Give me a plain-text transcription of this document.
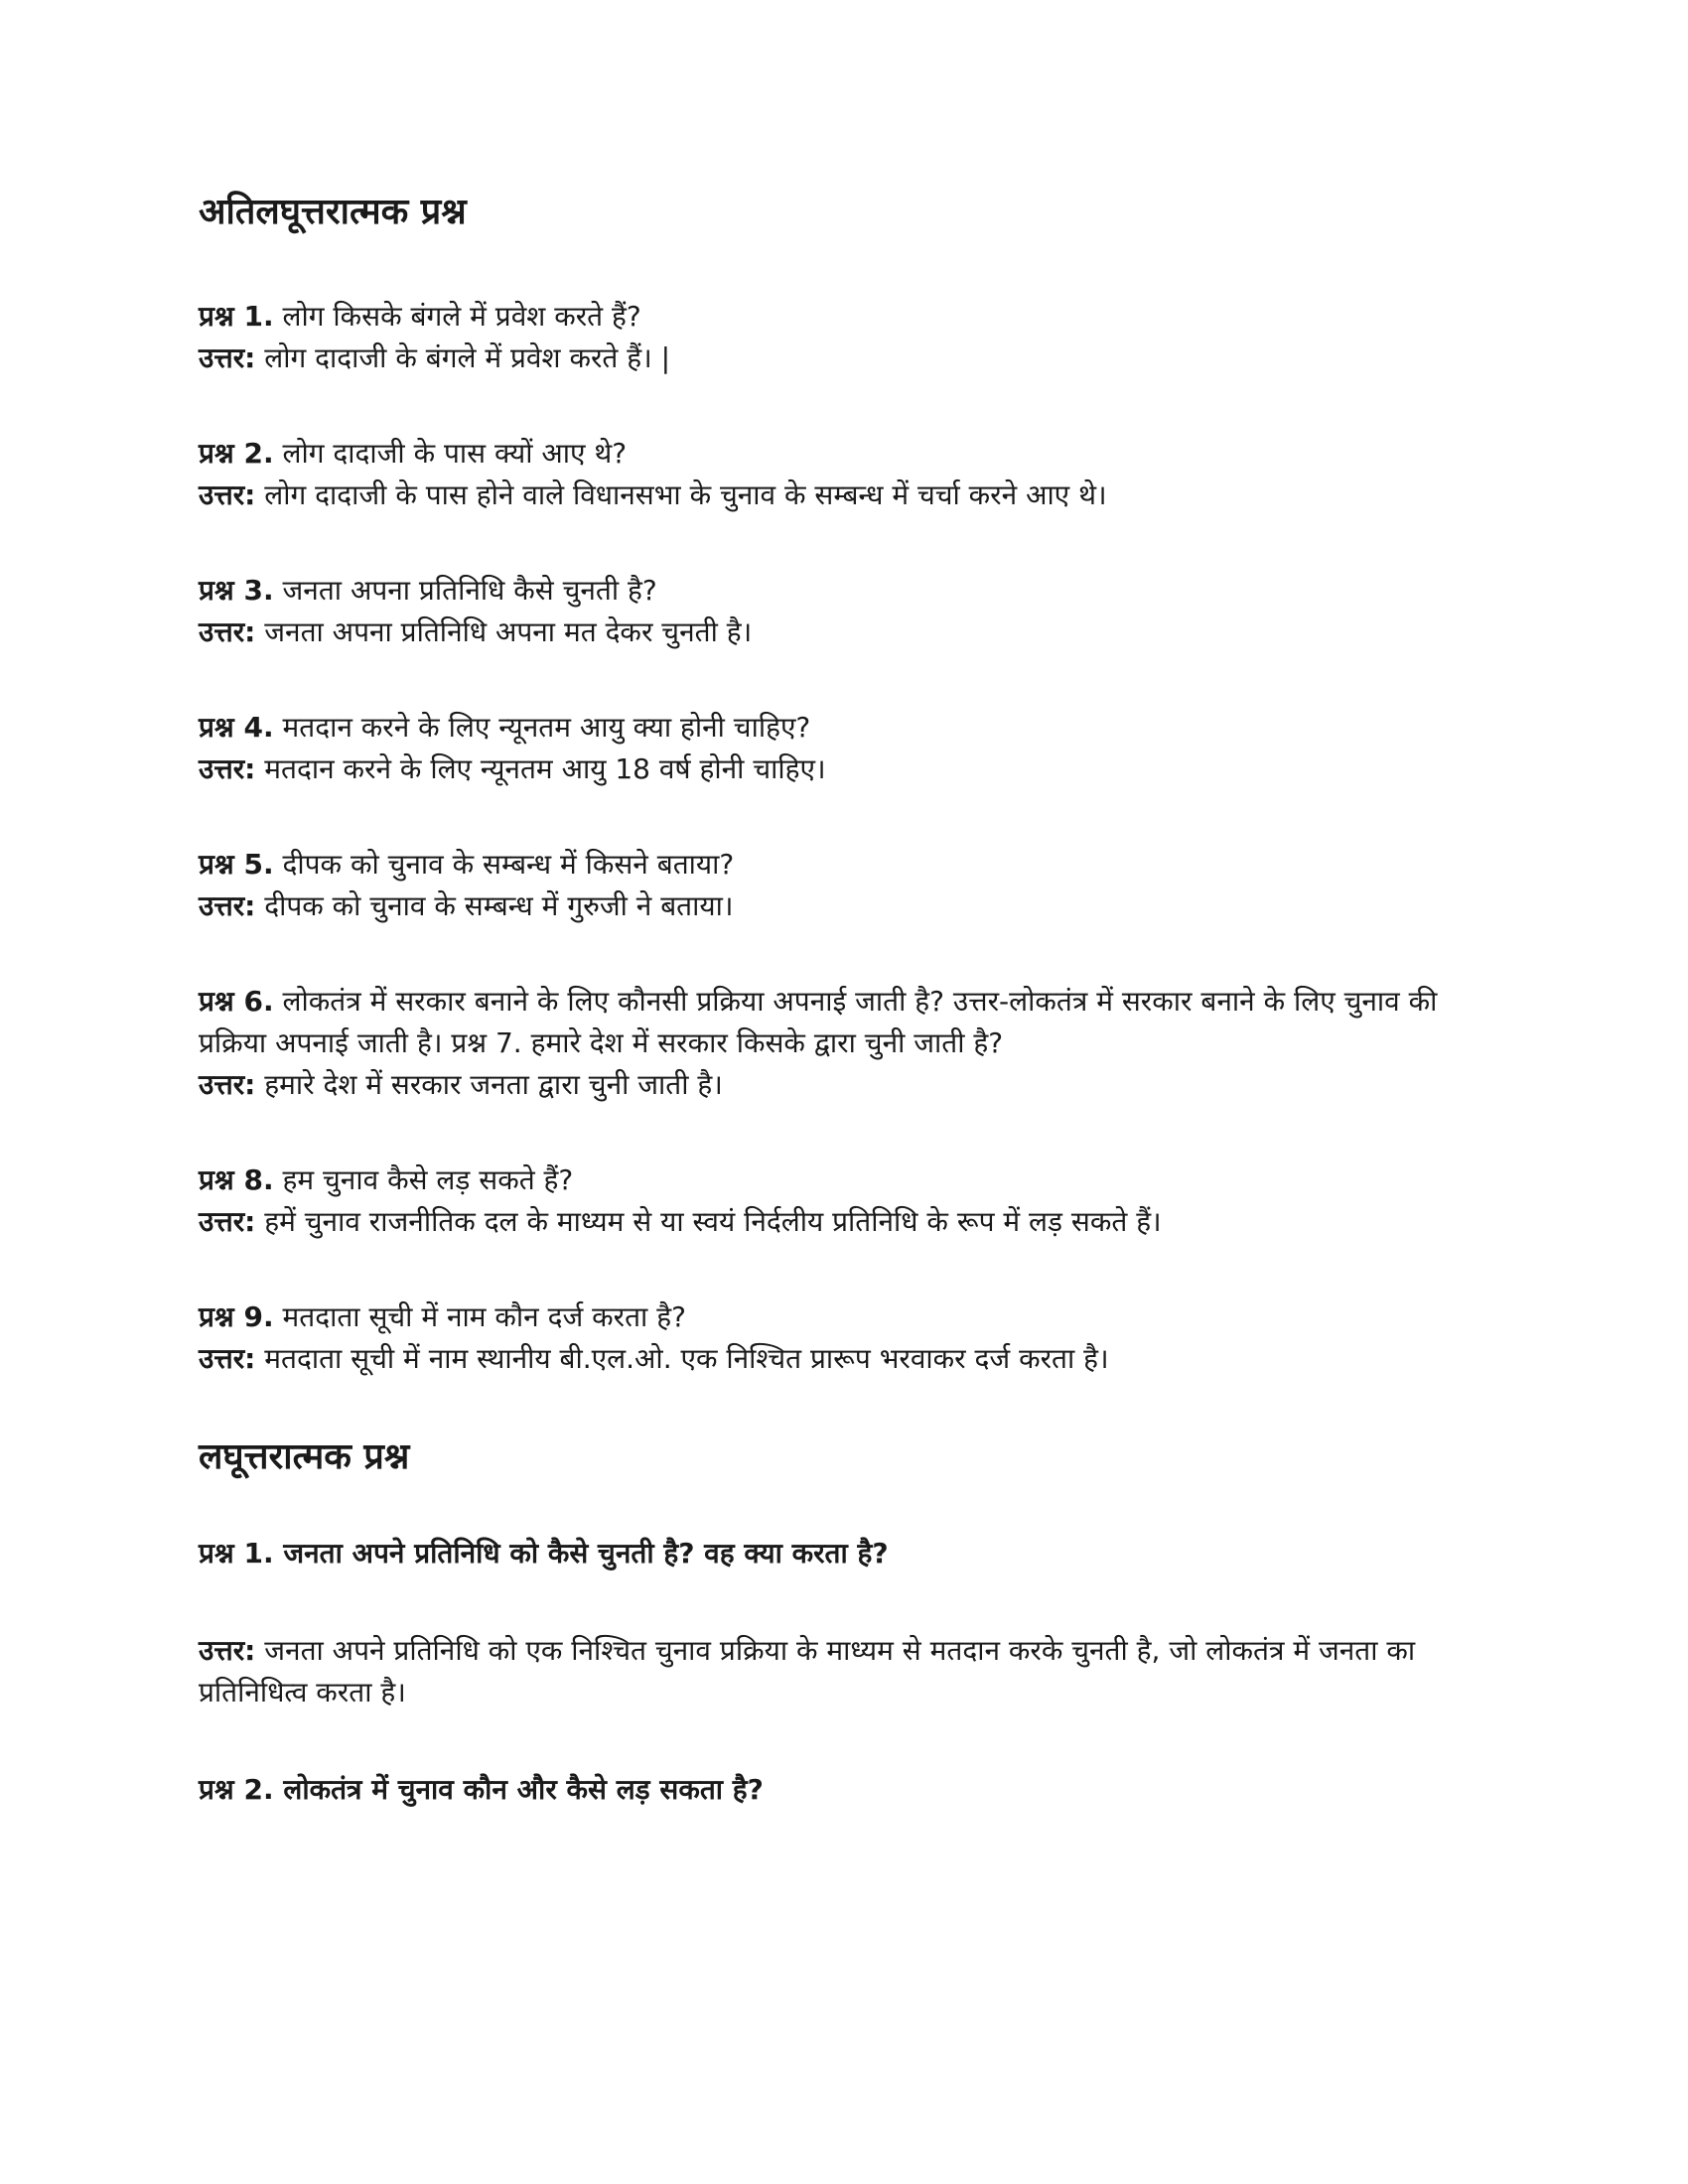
अतिलघूत्तरात्मक प्रश्न
प्रश्न 1. लोग किसके बंगले में प्रवेश करते हैं?
उत्तर: लोग दादाजी के बंगले में प्रवेश करते हैं। |
प्रश्न 2. लोग दादाजी के पास क्यों आए थे?
उत्तर: लोग दादाजी के पास होने वाले विधानसभा के चुनाव के सम्बन्ध में चर्चा करने आए थे।
प्रश्न 3. जनता अपना प्रतिनिधि कैसे चुनती है?
उत्तर: जनता अपना प्रतिनिधि अपना मत देकर चुनती है।
प्रश्न 4. मतदान करने के लिए न्यूनतम आयु क्या होनी चाहिए?
उत्तर: मतदान करने के लिए न्यूनतम आयु 18 वर्ष होनी चाहिए।
प्रश्न 5. दीपक को चुनाव के सम्बन्ध में किसने बताया?
उत्तर: दीपक को चुनाव के सम्बन्ध में गुरुजी ने बताया।
प्रश्न 6. लोकतंत्र में सरकार बनाने के लिए कौनसी प्रक्रिया अपनाई जाती है? उत्तर-लोकतंत्र में सरकार बनाने के लिए चुनाव की प्रक्रिया अपनाई जाती है। प्रश्न 7. हमारे देश में सरकार किसके द्वारा चुनी जाती है?
उत्तर: हमारे देश में सरकार जनता द्वारा चुनी जाती है।
प्रश्न 8. हम चुनाव कैसे लड़ सकते हैं?
उत्तर: हमें चुनाव राजनीतिक दल के माध्यम से या स्वयं निर्दलीय प्रतिनिधि के रूप में लड़ सकते हैं।
प्रश्न 9. मतदाता सूची में नाम कौन दर्ज करता है?
उत्तर: मतदाता सूची में नाम स्थानीय बी.एल.ओ. एक निश्चित प्रारूप भरवाकर दर्ज करता है।
लघूत्तरात्मक प्रश्न

प्रश्न 1. जनता अपने प्रतिनिधि को कैसे चुनती है? वह क्या करता है?

उत्तर: जनता अपने प्रतिनिधि को एक निश्चित चुनाव प्रक्रिया के माध्यम से मतदान करके चुनती है, जो लोकतंत्र में जनता का प्रतिनिधित्व करता है।

प्रश्न 2. लोकतंत्र में चुनाव कौन और कैसे लड़ सकता है?
